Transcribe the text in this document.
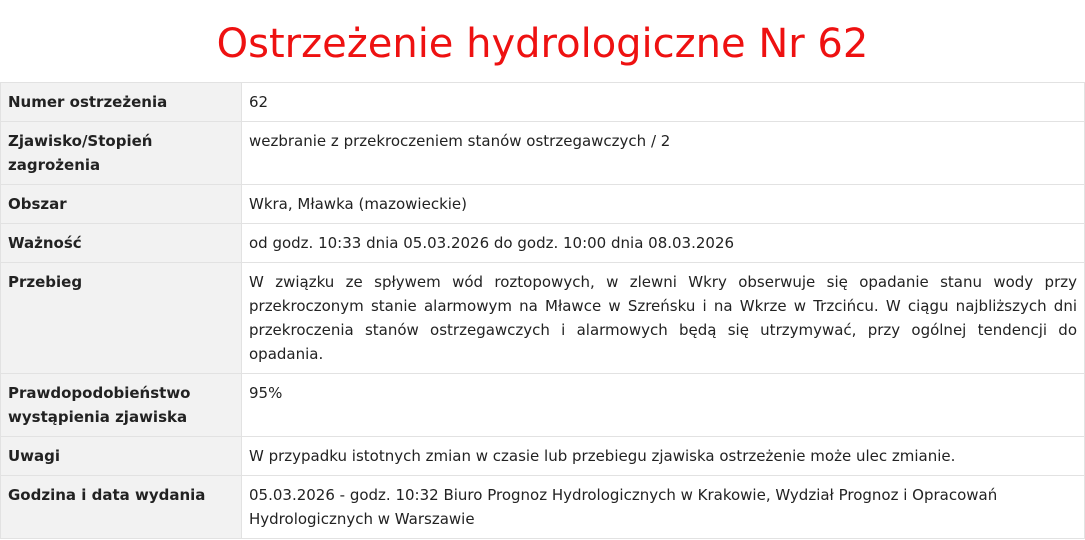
Ostrzeżenie hydrologiczne Nr 62
Numer ostrzeżenia	62
Zjawisko/Stopień zagrożenia	wezbranie z przekroczeniem stanów ostrzegawczych / 2
Obszar	Wkra, Mławka (mazowieckie)
Ważność	od godz. 10:33 dnia 05.03.2026 do godz. 10:00 dnia 08.03.2026
Przebieg	W związku ze spływem wód roztopowych, w zlewni Wkry obserwuje się opadanie stanu wody przy przekroczonym stanie alarmowym na Mławce w Szreńsku i na Wkrze w Trzcińcu. W ciągu najbliższych dni przekroczenia stanów ostrzegawczych i alarmowych będą się utrzymywać, przy ogólnej tendencji do opadania.
Prawdopodobieństwo wystąpienia zjawiska	95%
Uwagi	W przypadku istotnych zmian w czasie lub przebiegu zjawiska ostrzeżenie może ulec zmianie.
Godzina i data wydania	05.03.2026 - godz. 10:32 Biuro Prognoz Hydrologicznych w Krakowie, Wydział Prognoz i Opracowań Hydrologicznych w Warszawie
